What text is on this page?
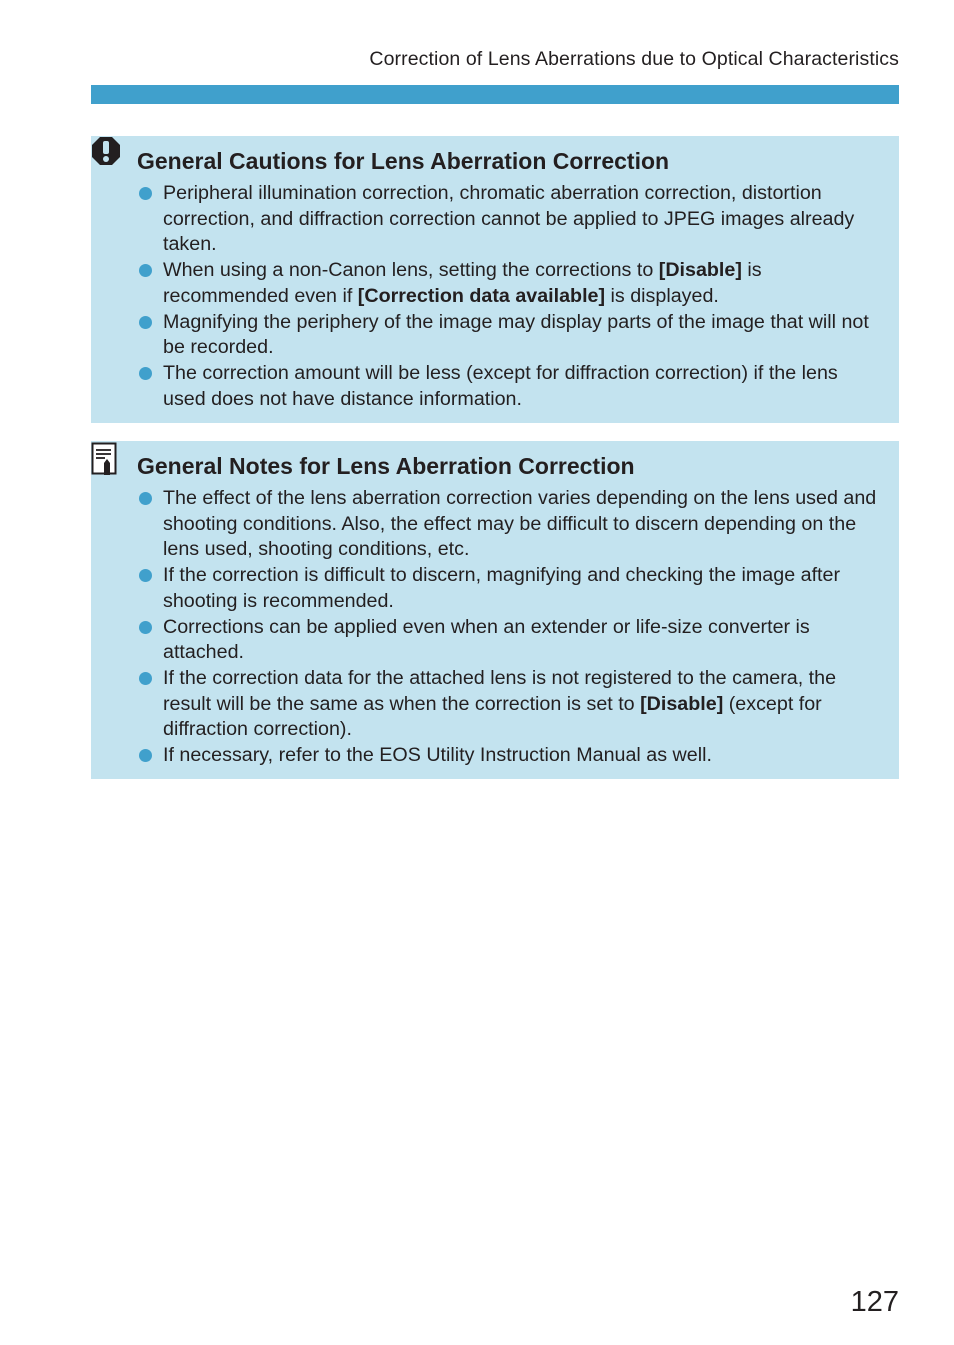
Correction of Lens Aberrations due to Optical Characteristics
General Cautions for Lens Aberration Correction
Peripheral illumination correction, chromatic aberration correction, distortion correction, and diffraction correction cannot be applied to JPEG images already taken.
When using a non-Canon lens, setting the corrections to [Disable] is recommended even if [Correction data available] is displayed.
Magnifying the periphery of the image may display parts of the image that will not be recorded.
The correction amount will be less (except for diffraction correction) if the lens used does not have distance information.
General Notes for Lens Aberration Correction
The effect of the lens aberration correction varies depending on the lens used and shooting conditions. Also, the effect may be difficult to discern depending on the lens used, shooting conditions, etc.
If the correction is difficult to discern, magnifying and checking the image after shooting is recommended.
Corrections can be applied even when an extender or life-size converter is attached.
If the correction data for the attached lens is not registered to the camera, the result will be the same as when the correction is set to [Disable] (except for diffraction correction).
If necessary, refer to the EOS Utility Instruction Manual as well.
127
